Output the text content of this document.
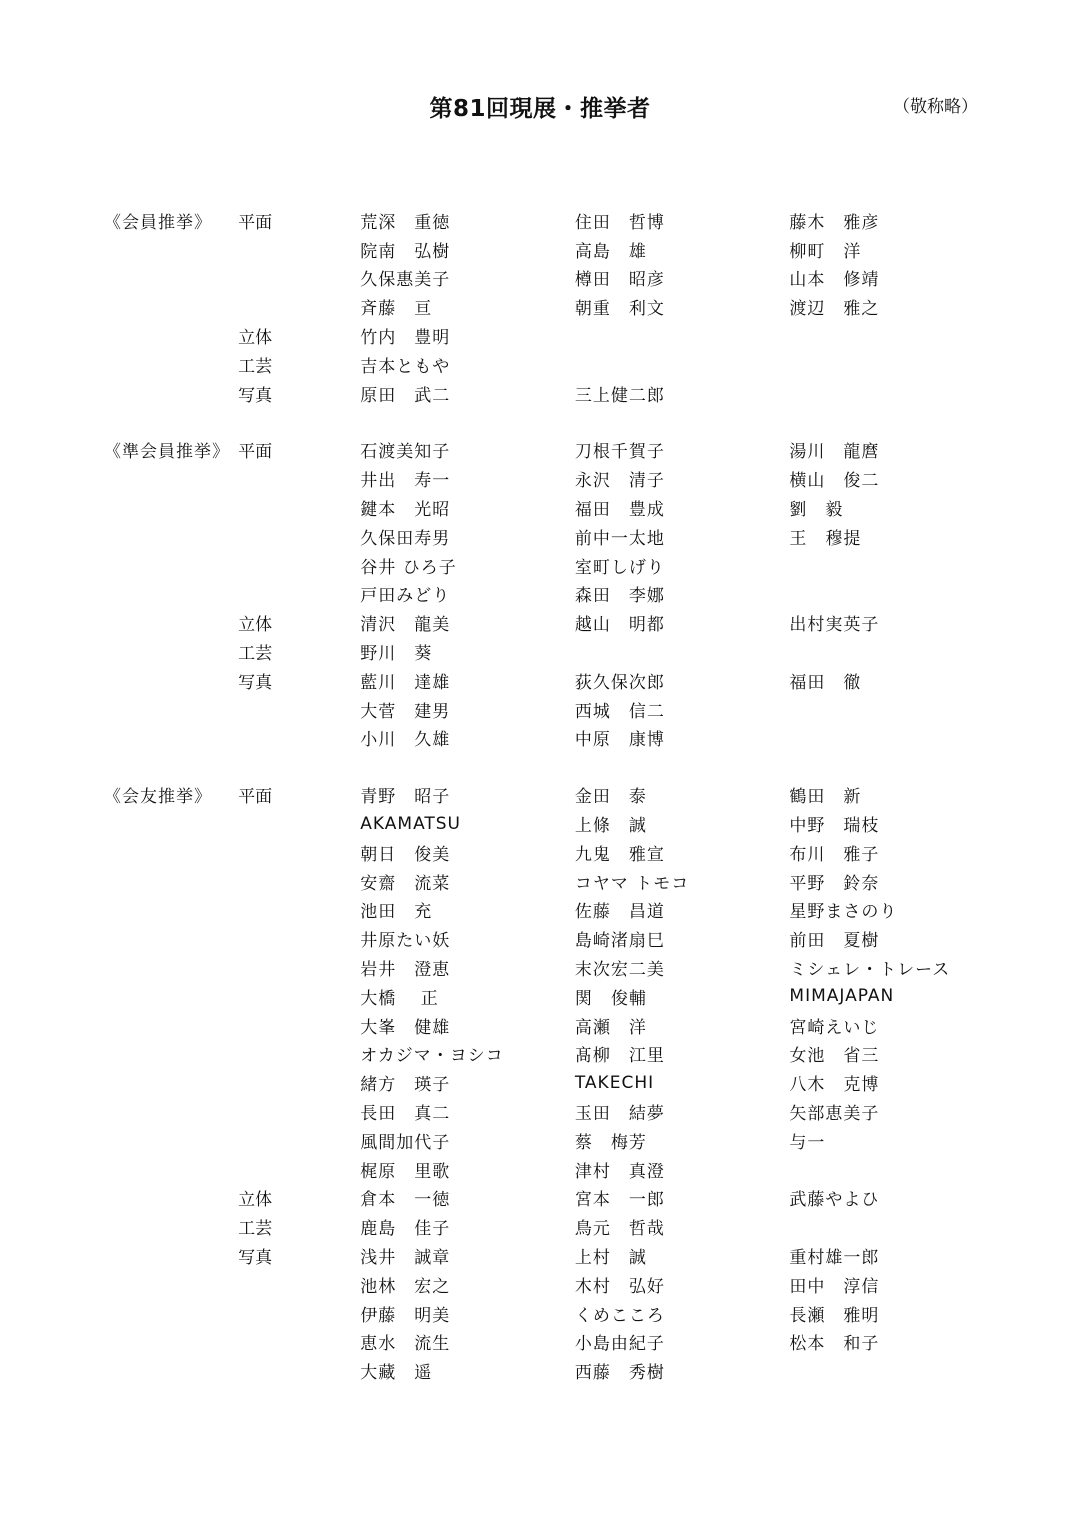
第81回現展・推挙者	（敬称略）
《会員推挙》	平面	荒深　重徳	住田　哲博	藤木　雅彦
院南　弘樹	高島　雄	柳町　洋
久保惠美子	樽田　昭彦	山本　修靖
斉藤　亘	朝重　利文	渡辺　雅之
立体	竹内　豊明
工芸	吉本ともや
写真	原田　武二	三上健二郎
《準会員推挙》 平面	石渡美知子	刀根千賀子	湯川　龍麿
井出　寿一	永沢　清子	横山　俊二
鍵本　光昭	福田　豊成	劉　毅
久保田寿男	前中一太地	王　穆提
谷井 ひろ子	室町しげり
戸田みどり	森田　李娜
立体	清沢　龍美	越山　明都	出村実英子
工芸	野川　葵
写真	藍川　達雄	荻久保次郎	福田　徹
大菅　建男	西城　信二
小川　久雄	中原　康博
《会友推挙》	平面	青野　昭子	金田　泰	鶴田　新
AKAMATSU	上條　誠	中野　瑞枝
朝日　俊美	九鬼　雅宣	布川　雅子
安齋　流菜	コヤマ トモコ	平野　鈴奈
池田　充	佐藤　昌道	星野まさのり
井原たい妖	島崎渚扇巳	前田　夏樹
岩井　澄恵	末次宏二美	ミシェレ・トレース
大橋　 正	関　俊輔	MIMAJAPAN
大峯　健雄	高瀬　洋	宮崎えいじ
オカジマ・ヨシコ	髙柳　江里	女池　省三
緒方　瑛子	TAKECHI	八木　克博
長田　真二	玉田　結夢	矢部恵美子
風間加代子	蔡　梅芳	与一
梶原　里歌	津村　真澄
立体	倉本　一徳	宮本　一郎	武藤やよひ
工芸	鹿島　佳子	鳥元　哲哉
写真	浅井　誠章	上村　誠	重村雄一郎
池林　宏之	木村　弘好	田中　淳信
伊藤　明美	くめこころ	長瀬　雅明
恵水　流生	小島由紀子	松本　和子
大藏　遥	西藤　秀樹
